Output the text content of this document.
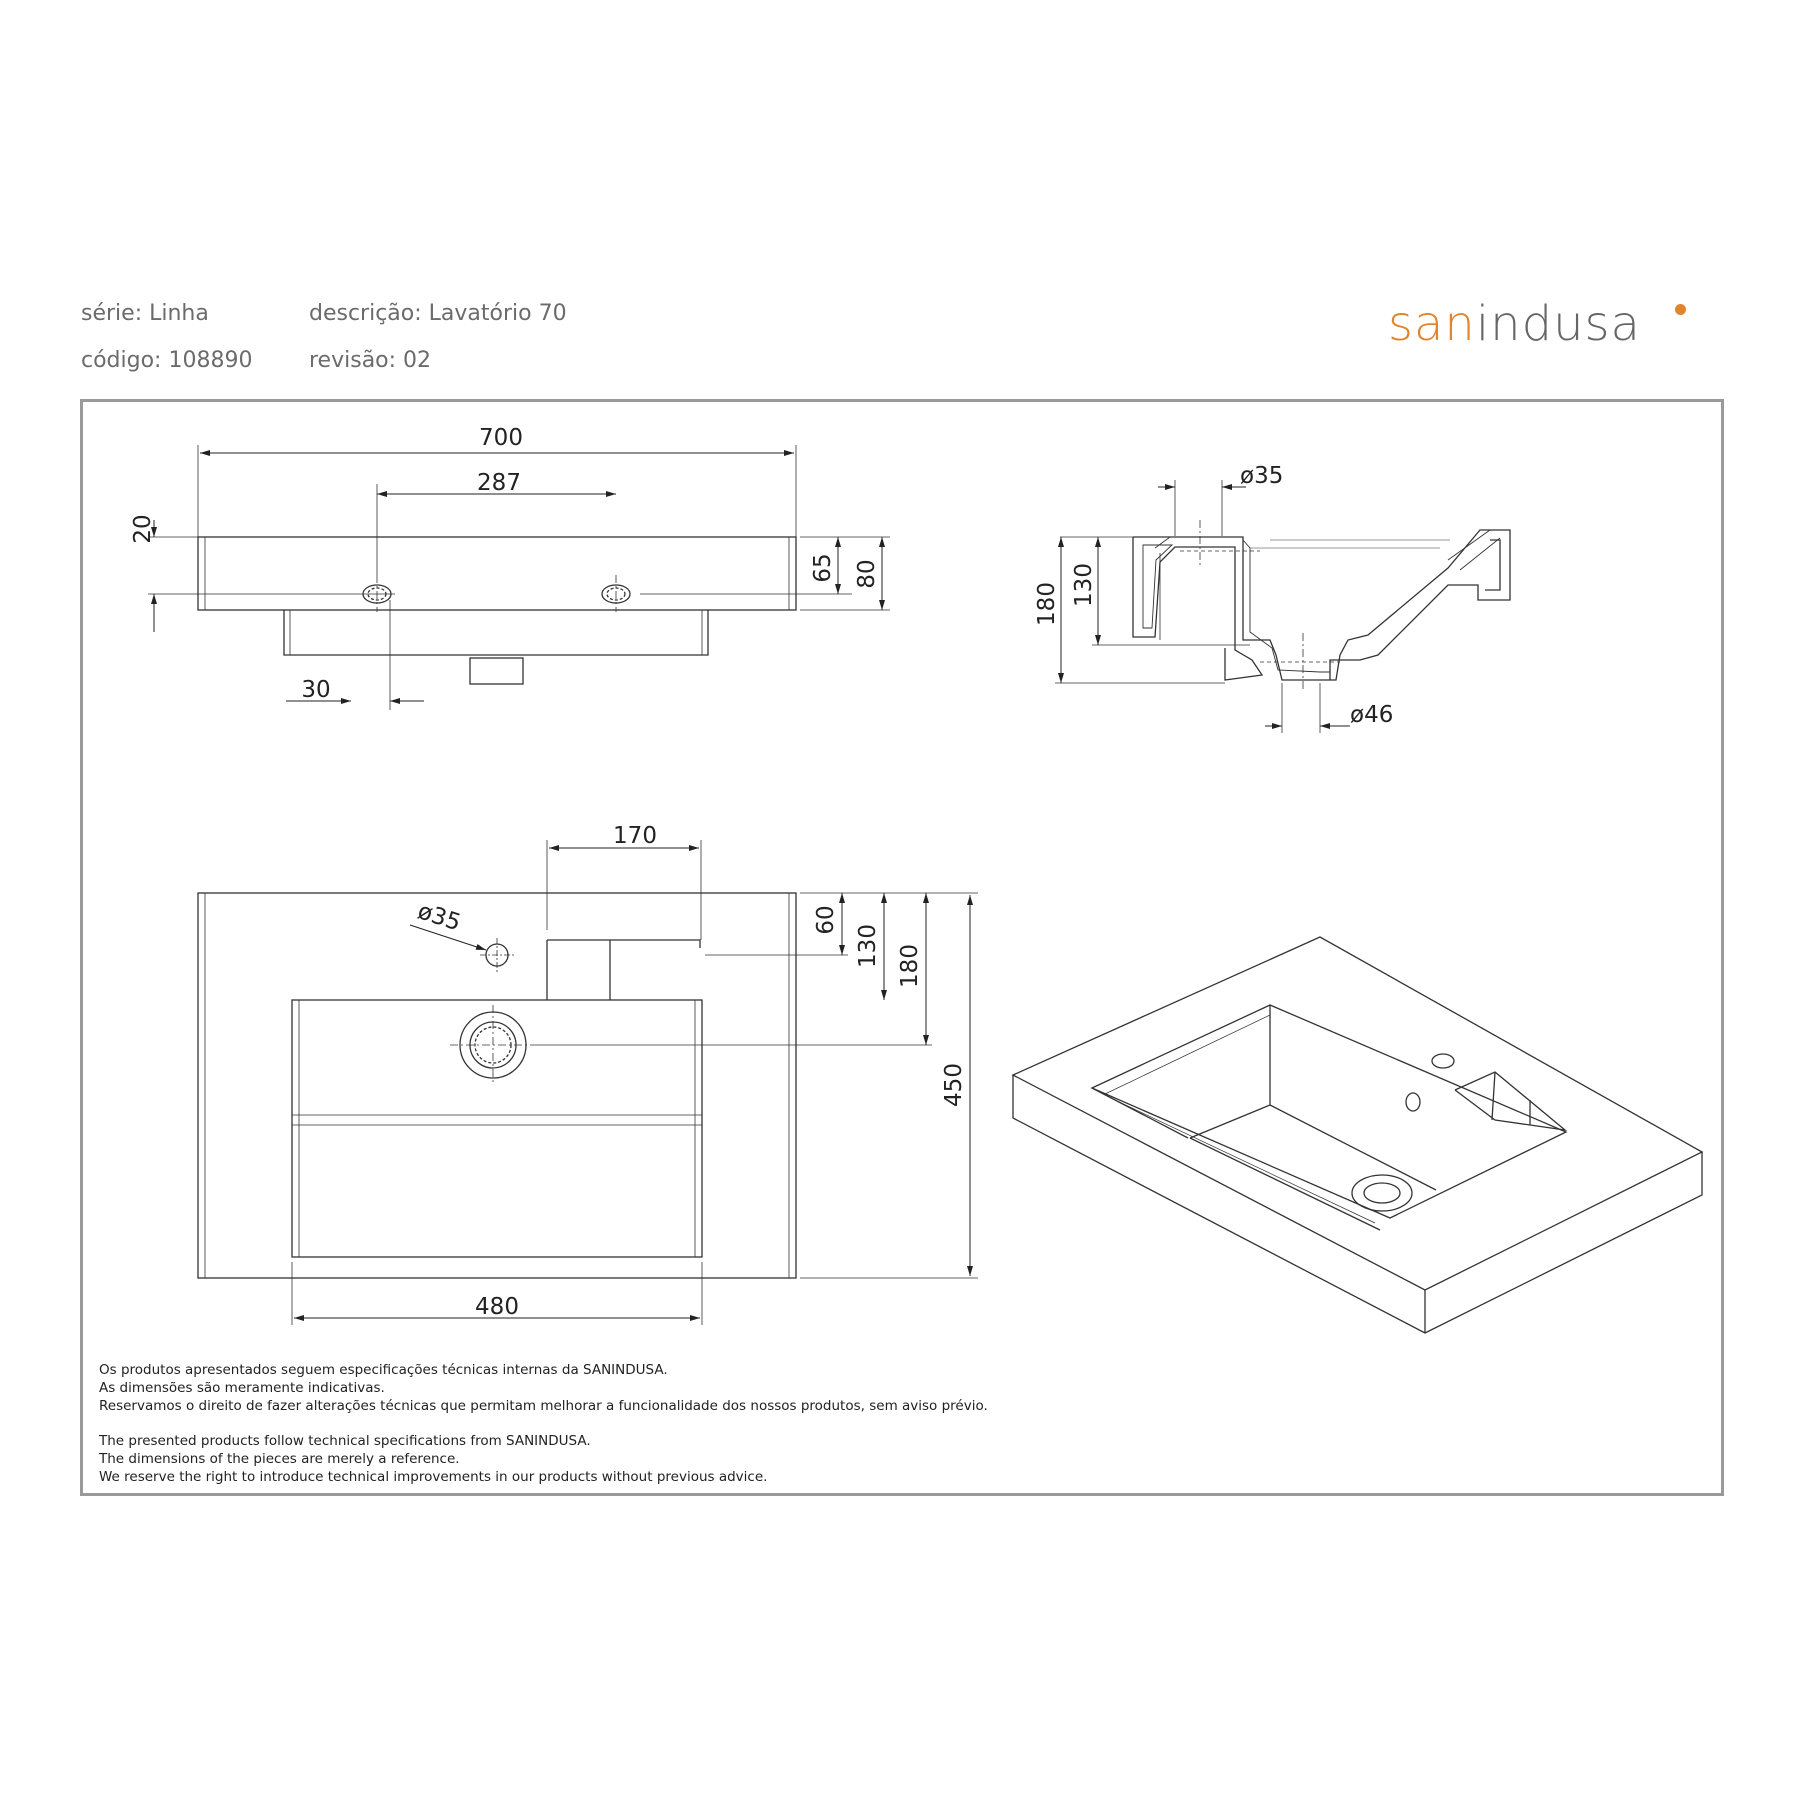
série: Linha	descrição: Lavatório 70
código: 108890	revisão: 02
sanindusa
700
287
20
65 80
30
ø35
ø46
180 130
170
ø35	60
130 180
450
480
Os produtos apresentados seguem especificações técnicas internas da SANINDUSA.
As dimensões são meramente indicativas.
Reservamos o direito de fazer alterações técnicas que permitam melhorar a funcionalidade dos nossos produtos, sem aviso prévio.
The presented products follow technical specifications from SANINDUSA.
The dimensions of the pieces are merely a reference.
We reserve the right to introduce technical improvements in our products without previous advice.
